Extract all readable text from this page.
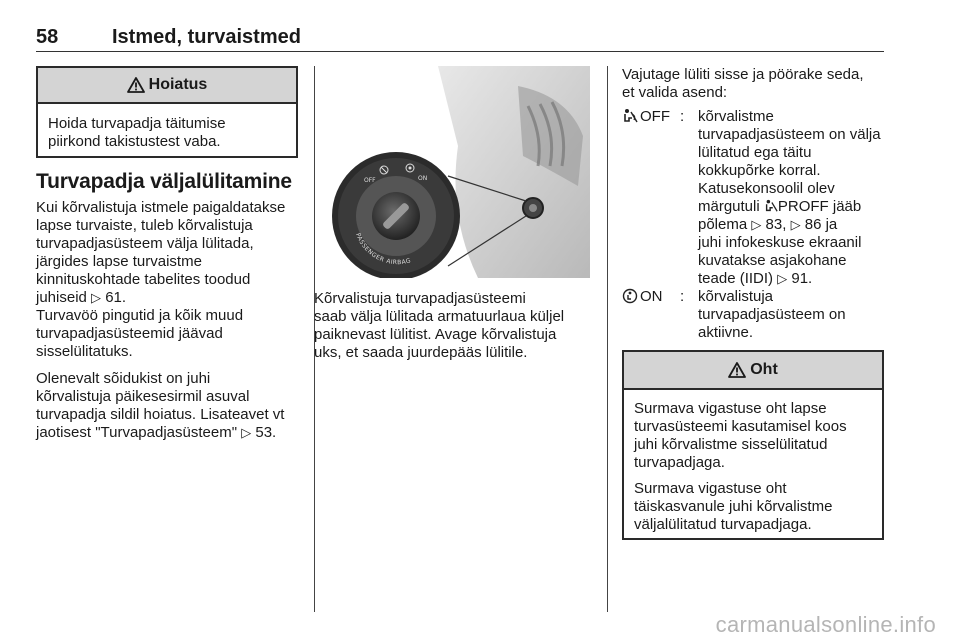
58	Istmed, turvaistmed
Hoiatus
Hoida turvapadja täitumise
piirkond takistustest vaba.
Turvapadja väljalülitamine
Kui kõrvalistuja istmele paigaldatakse
lapse turvaiste, tuleb kõrvalistuja
turvapadjasüsteem välja lülitada,
järgides lapse turvaistme
kinnituskohtade tabelites toodud
juhiseid ▷ 61.
Turvavöö pingutid ja kõik muud
turvapadjasüsteemid jäävad
sisselülitatuks.
Olenevalt sõidukist on juhi
kõrvalistuja päikesesirmil asuval
turvapadja sildil hoiatus. Lisateavet vt
jaotisest "Turvapadjasüsteem" ▷ 53.
OFF	ON
PASSENGER AIRBAG
Kõrvalistuja turvapadjasüsteemi
saab välja lülitada armatuurlaua küljel
paiknevast lülitist. Avage kõrvalistuja
uks, et saada juurdepääs lülitile.
Vajutage lüliti sisse ja pöörake seda,
et valida asend:
OFF : kõrvalistme
turvapadjasüsteem on välja
lülitatud ega täitu
kokkupõrke korral.
Katusekonsoolil olev
märgutuli PROFF jääb
põlema ▷ 83, ▷ 86 ja
juhi infokeskuse ekraanil
kuvatakse asjakohane
teade (IIDI) ▷ 91.
ON : kõrvalistuja
turvapadjasüsteem on
aktiivne.
Oht

Surmava vigastuse oht lapse
turvasüsteemi kasutamisel koos
juhi kõrvalistme sisselülitatud
turvapadjaga.

Surmava vigastuse oht
täiskasvanule juhi kõrvalistme
väljalülitatud turvapadjaga.

carmanualsonline.info
